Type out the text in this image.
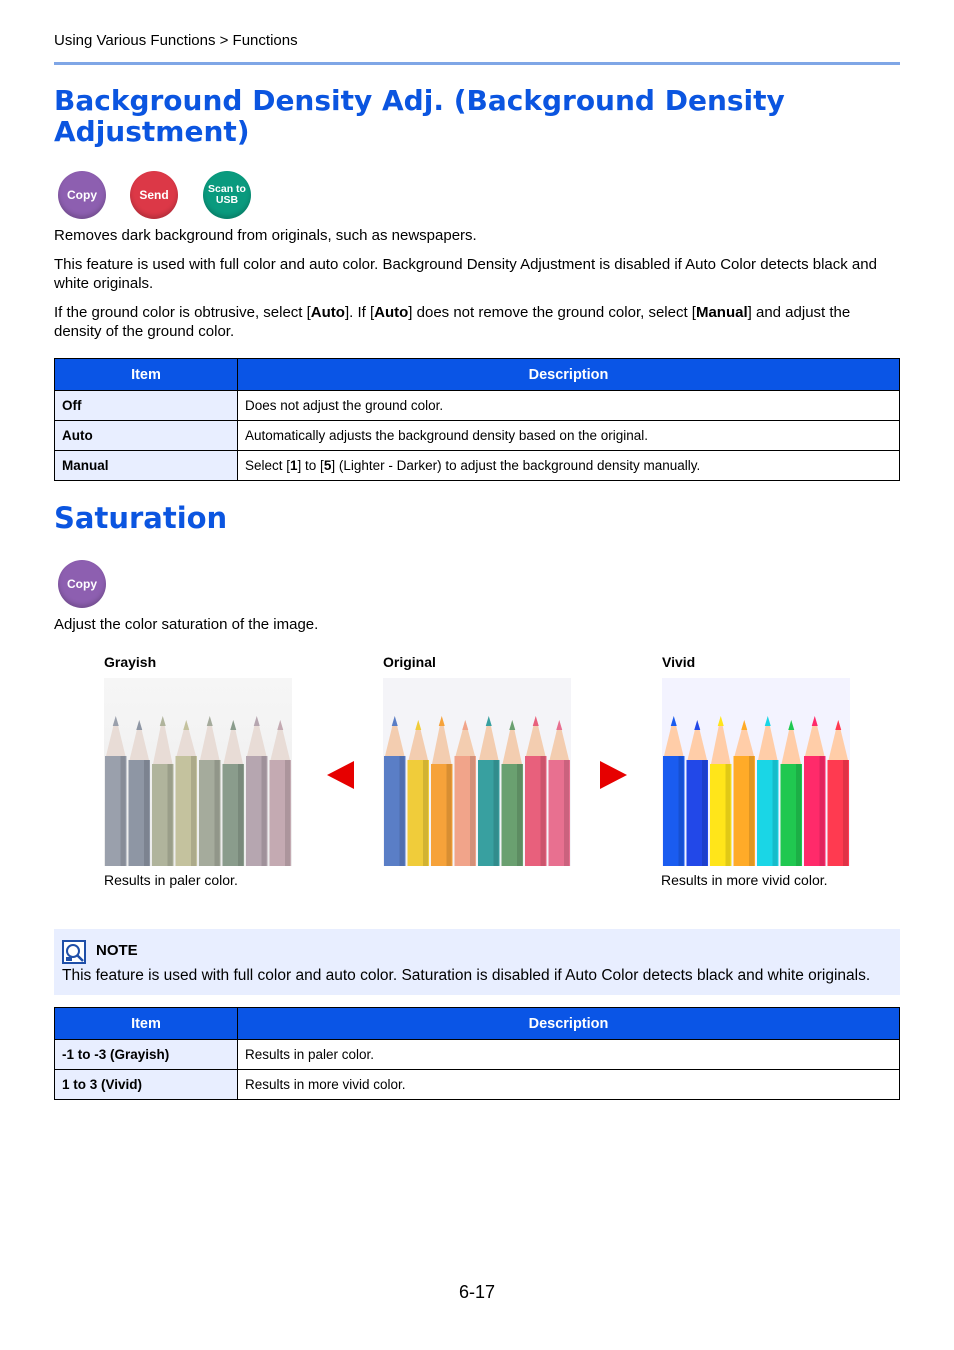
Using Various Functions > Functions
Background Density Adj. (Background Density Adjustment)
Copy	Send	Scan to USB
Removes dark background from originals, such as newspapers.
This feature is used with full color and auto color. Background Density Adjustment is disabled if Auto Color detects black and white originals.
If the ground color is obtrusive, select [Auto]. If [Auto] does not remove the ground color, select [Manual] and adjust the density of the ground color.
Item	Description
Off	Does not adjust the ground color.
Auto	Automatically adjusts the background density based on the original.
Manual	Select [1] to [5] (Lighter - Darker) to adjust the background density manually.
Saturation
Copy
Adjust the color saturation of the image.
Grayish	Original	Vivid
Results in paler color.	Results in more vivid color.
NOTE
This feature is used with full color and auto color. Saturation is disabled if Auto Color detects black and white originals.
Item	Description
-1 to -3 (Grayish)	Results in paler color.
1 to 3 (Vivid)	Results in more vivid color.
6-17
